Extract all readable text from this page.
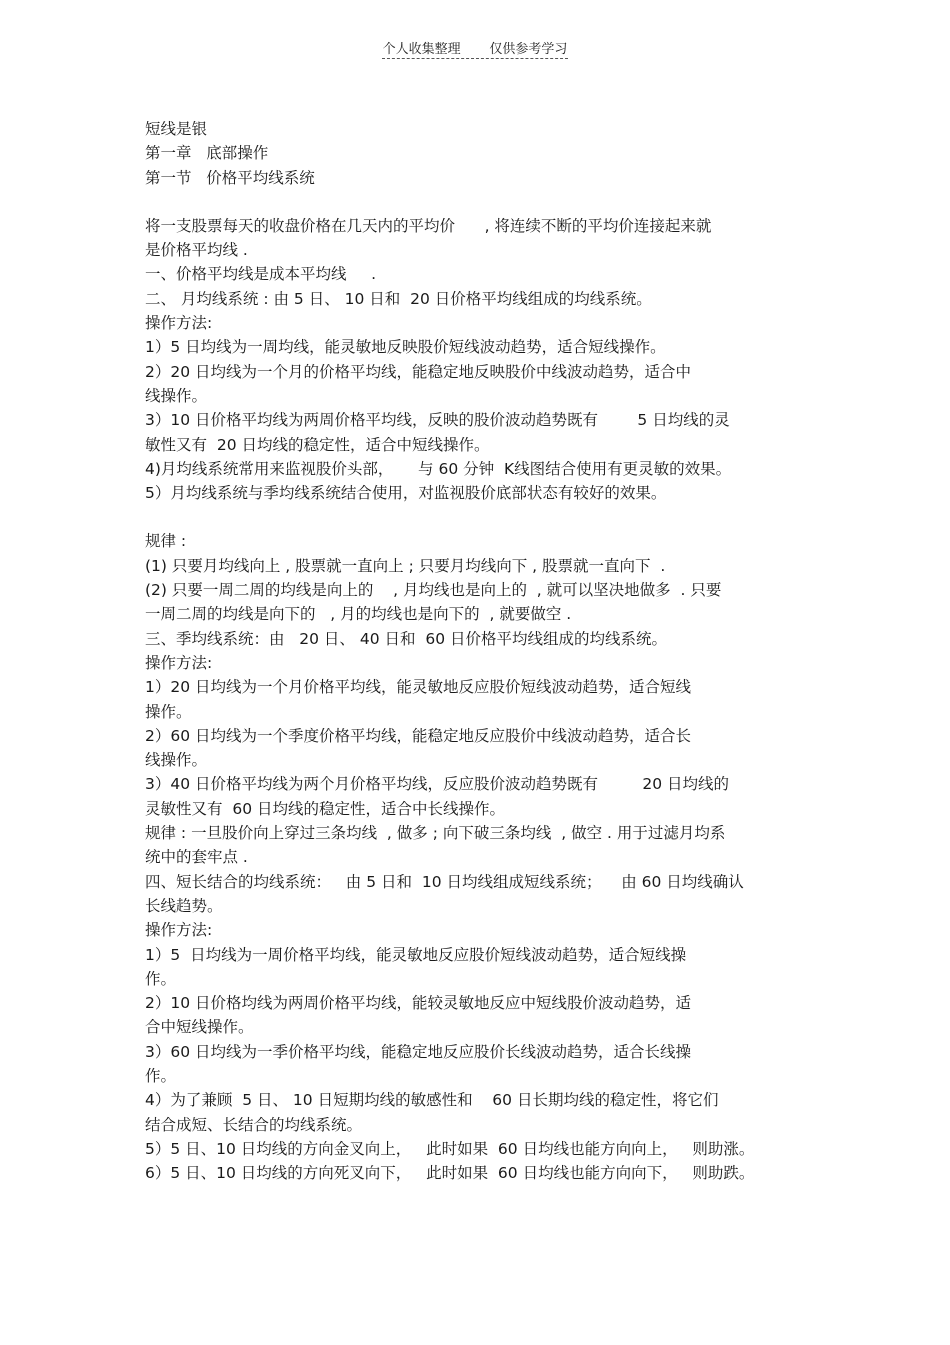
个人收集整理 仅供参考学习

短线是银

第一章   底部操作

第一节   价格平均线系统

将一支股票每天的收盘价格在几天内的平均价      , 将连续不断的平均价连接起来就

是价格平均线 .

一、价格平均线是成本平均线     .

二、 月均线系统 : 由 5 日、 10 日和  20 日价格平均线组成的均线系统。

操作方法:

1）5 日均线为一周均线，能灵敏地反映股价短线波动趋势，适合短线操作。

2）20 日均线为一个月的价格平均线，能稳定地反映股价中线波动趋势，适合中

线操作。

3）10 日价格平均线为两周价格平均线，反映的股价波动趋势既有        5 日均线的灵

敏性又有  20 日均线的稳定性，适合中短线操作。

4)月均线系统常用来监视股价头部，     与 60 分钟  K线图结合使用有更灵敏的效果。

5）月均线系统与季均线系统结合使用，对监视股价底部状态有较好的效果。

规律 :

(1) 只要月均线向上 , 股票就一直向上 ; 只要月均线向下 , 股票就一直向下  .

(2) 只要一周二周的均线是向上的    , 月均线也是向上的  , 就可以坚决地做多  . 只要

一周二周的均线是向下的   , 月的均线也是向下的  , 就要做空 .

三、季均线系统：由   20 日、 40 日和  60 日价格平均线组成的均线系统。

操作方法:

1）20 日均线为一个月价格平均线，能灵敏地反应股价短线波动趋势，适合短线

操作。

2）60 日均线为一个季度价格平均线，能稳定地反应股价中线波动趋势，适合长

线操作。

3）40 日价格平均线为两个月价格平均线，反应股价波动趋势既有         20 日均线的

灵敏性又有  60 日均线的稳定性，适合中长线操作。

规律 : 一旦股价向上穿过三条均线  , 做多 ; 向下破三条均线  , 做空 . 用于过滤月均系

统中的套牢点 .

四、短长结合的均线系统：   由 5 日和  10 日均线组成短线系统；    由 60 日均线确认

长线趋势。

操作方法:

1）5  日均线为一周价格平均线，能灵敏地反应股价短线波动趋势，适合短线操

作。

2）10 日价格均线为两周价格平均线，能较灵敏地反应中短线股价波动趋势，适

合中短线操作。

3）60 日均线为一季价格平均线，能稳定地反应股价长线波动趋势，适合长线操

作。

4）为了兼顾  5 日、 10 日短期均线的敏感性和    60 日长期均线的稳定性，将它们

结合成短、长结合的均线系统。

5）5 日、10 日均线的方向金叉向上，   此时如果  60 日均线也能方向向上，   则助涨。

6）5 日、10 日均线的方向死叉向下，   此时如果  60 日均线也能方向向下，   则助跌。
